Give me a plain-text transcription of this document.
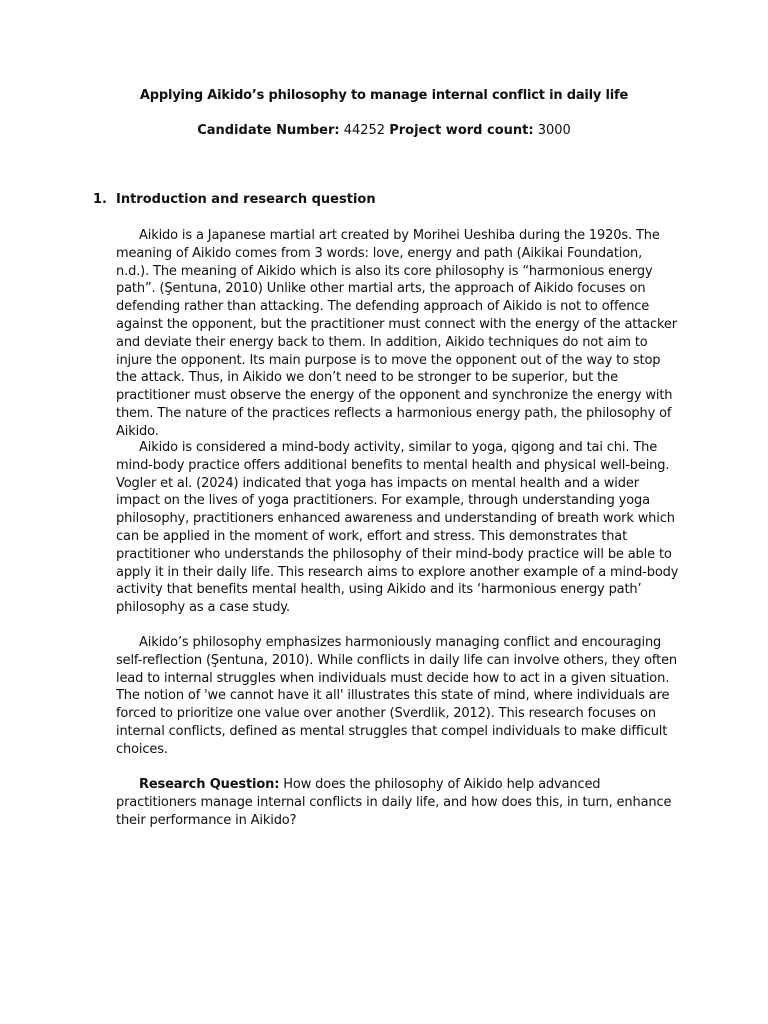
Applying Aikido’s philosophy to manage internal conflict in daily life

Candidate Number: 44252 Project word count: 3000

1. Introduction and research question

Aikido is a Japanese martial art created by Morihei Ueshiba during the 1920s. The meaning of Aikido comes from 3 words: love, energy and path (Aikikai Foundation, n.d.). The meaning of Aikido which is also its core philosophy is “harmonious energy path”. (Şentuna, 2010) Unlike other martial arts, the approach of Aikido focuses on defending rather than attacking. The defending approach of Aikido is not to offence against the opponent, but the practitioner must connect with the energy of the attacker and deviate their energy back to them. In addition, Aikido techniques do not aim to injure the opponent. Its main purpose is to move the opponent out of the way to stop the attack. Thus, in Aikido we don’t need to be stronger to be superior, but the practitioner must observe the energy of the opponent and synchronize the energy with them. The nature of the practices reflects a harmonious energy path, the philosophy of Aikido.

Aikido is considered a mind-body activity, similar to yoga, qigong and tai chi. The mind-body practice offers additional benefits to mental health and physical well-being. Vogler et al. (2024) indicated that yoga has impacts on mental health and a wider impact on the lives of yoga practitioners. For example, through understanding yoga philosophy, practitioners enhanced awareness and understanding of breath work which can be applied in the moment of work, effort and stress. This demonstrates that practitioner who understands the philosophy of their mind-body practice will be able to apply it in their daily life. This research aims to explore another example of a mind-body activity that benefits mental health, using Aikido and its ‘harmonious energy path’ philosophy as a case study.

Aikido’s philosophy emphasizes harmoniously managing conflict and encouraging self-reflection (Şentuna, 2010). While conflicts in daily life can involve others, they often lead to internal struggles when individuals must decide how to act in a given situation. The notion of 'we cannot have it all' illustrates this state of mind, where individuals are forced to prioritize one value over another (Sverdlik, 2012). This research focuses on internal conflicts, defined as mental struggles that compel individuals to make difficult choices.

Research Question: How does the philosophy of Aikido help advanced practitioners manage internal conflicts in daily life, and how does this, in turn, enhance their performance in Aikido?
